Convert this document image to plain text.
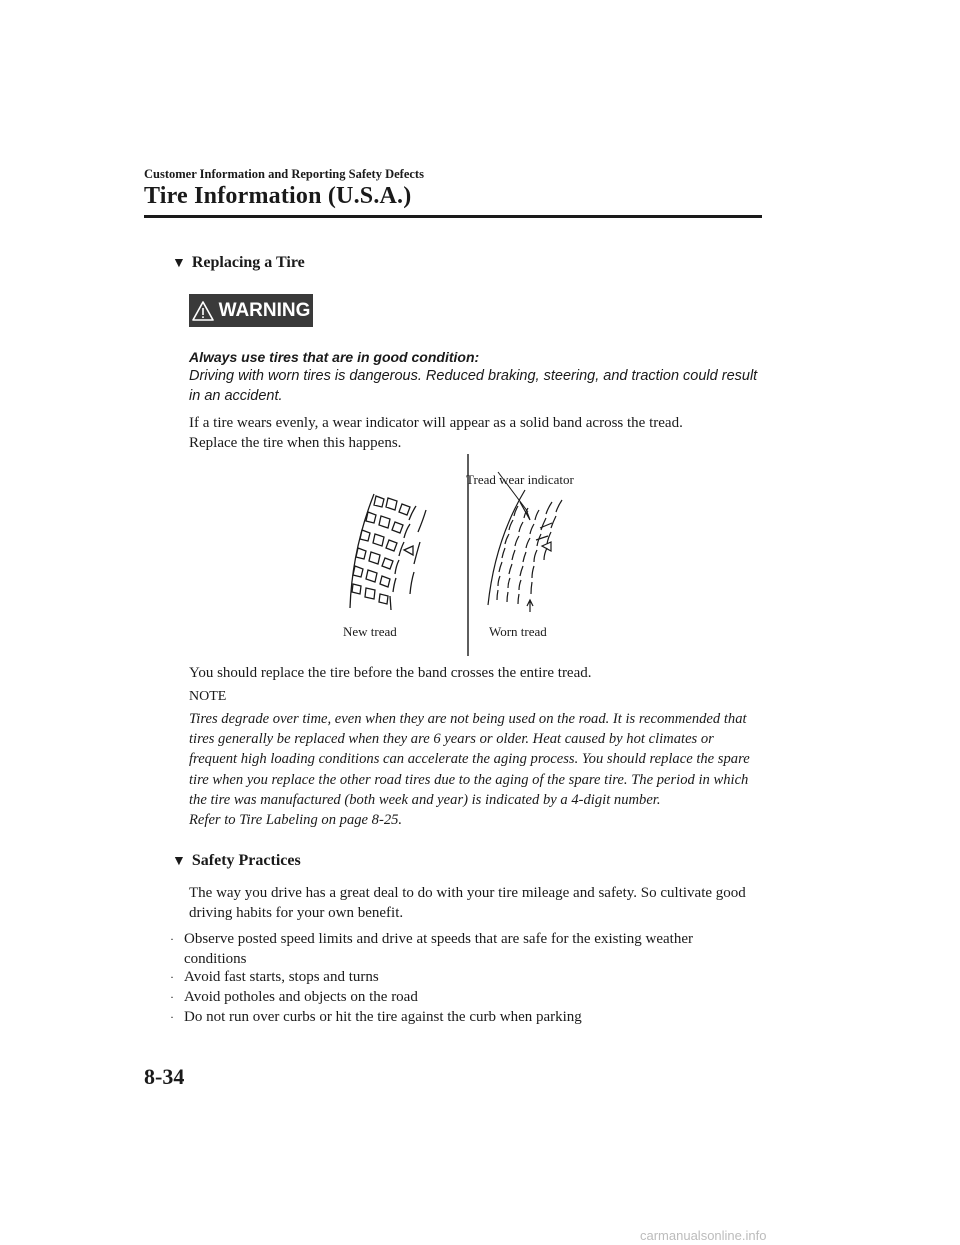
Customer Information and Reporting Safety Defects
Tire Information (U.S.A.)
▼ Replacing a Tire
WARNING
Always use tires that are in good condition:
Driving with worn tires is dangerous. Reduced braking, steering, and traction could result in an accident.
If a tire wears evenly, a wear indicator will appear as a solid band across the tread.
Replace the tire when this happens.
Tread wear indicator
New tread	Worn tread
You should replace the tire before the band crosses the entire tread.
NOTE
Tires degrade over time, even when they are not being used on the road. It is recommended that tires generally be replaced when they are 6 years or older. Heat caused by hot climates or frequent high loading conditions can accelerate the aging process. You should replace the spare tire when you replace the other road tires due to the aging of the spare tire. The period in which the tire was manufactured (both week and year) is indicated by a 4-digit number.
Refer to Tire Labeling on page 8-25.
▼ Safety Practices
The way you drive has a great deal to do with your tire mileage and safety. So cultivate good driving habits for your own benefit.
· Observe posted speed limits and drive at speeds that are safe for the existing weather conditions
· Avoid fast starts, stops and turns
· Avoid potholes and objects on the road
· Do not run over curbs or hit the tire against the curb when parking
8-34
carmanualsonline.info
